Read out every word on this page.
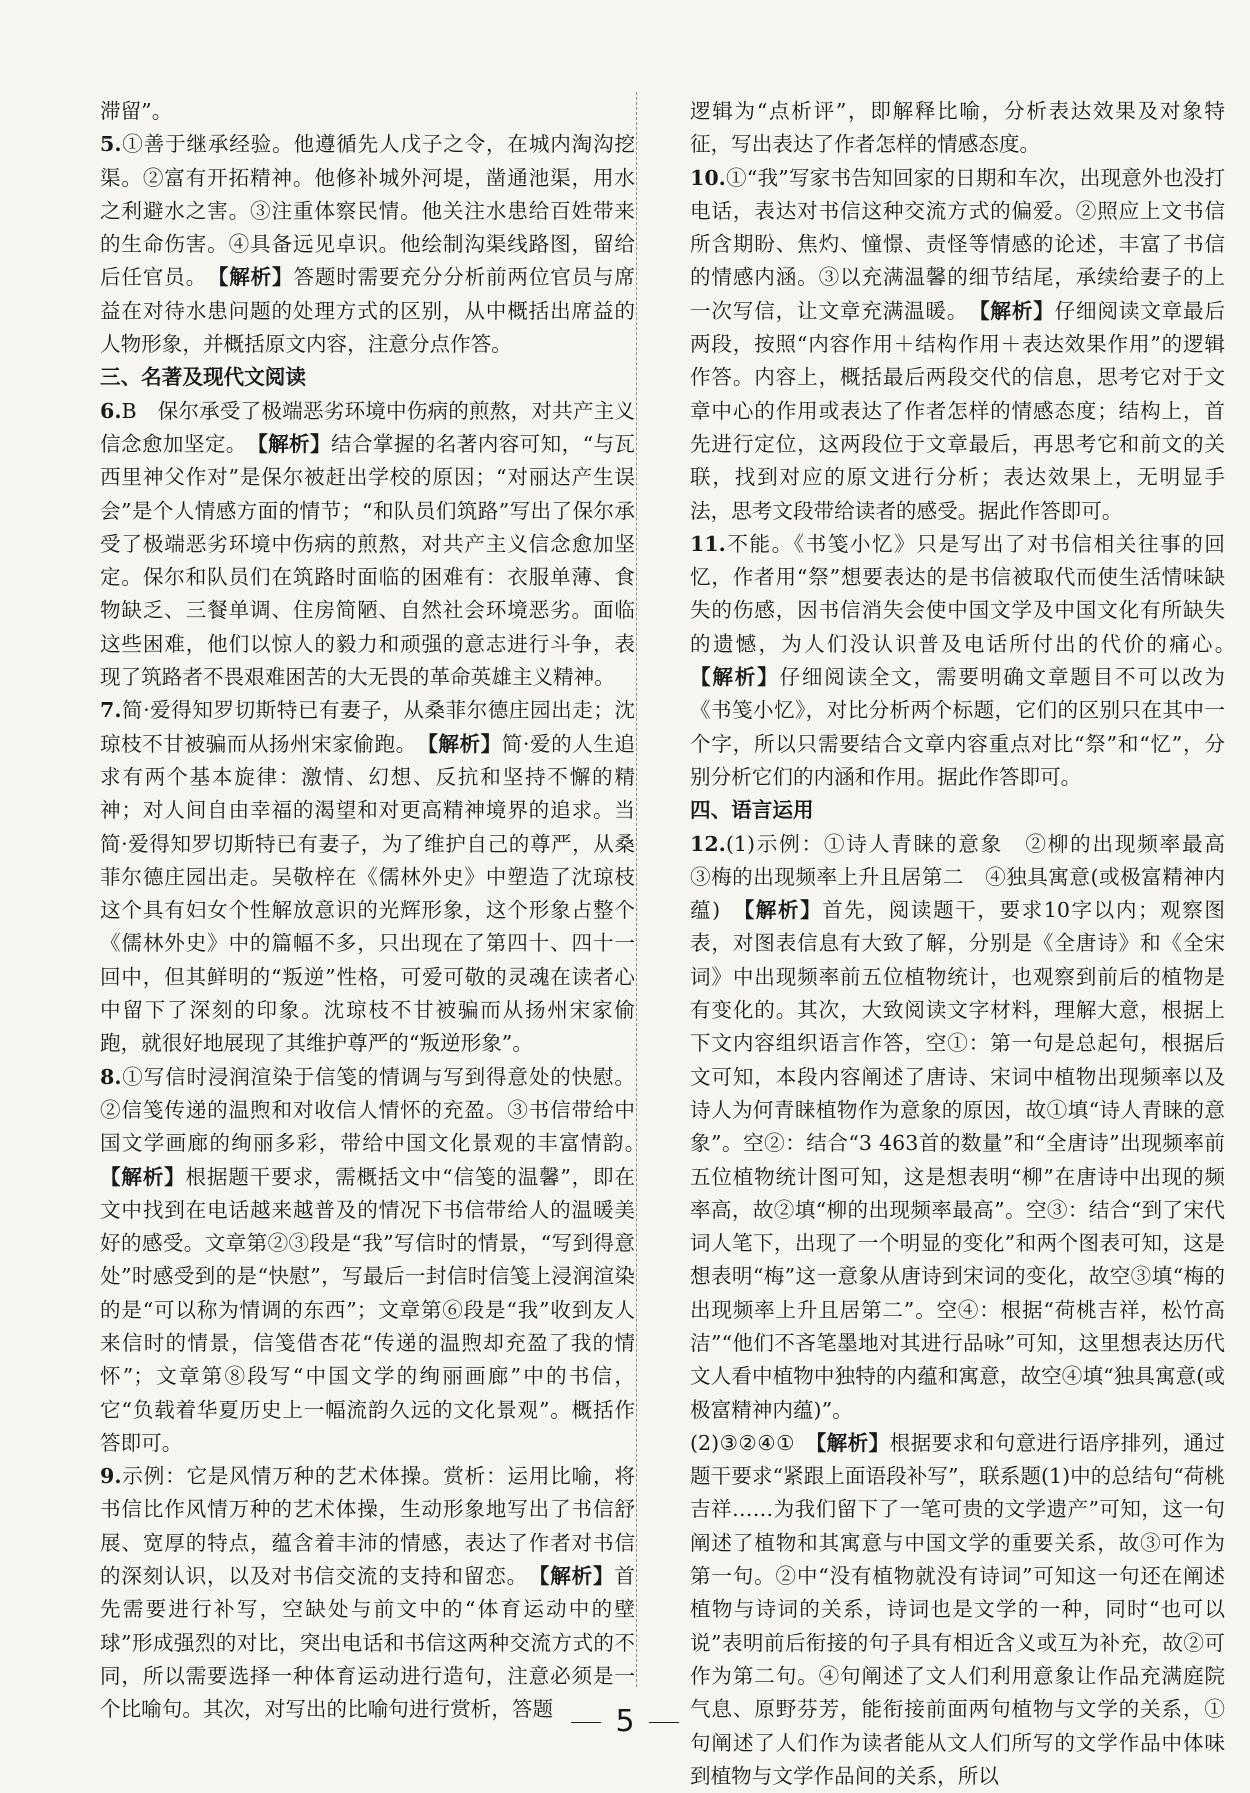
滞留”。

5.①善于继承经验。他遵循先人戊子之令，在城内淘沟挖渠。②富有开拓精神。他修补城外河堤，凿通池渠，用水之利避水之害。③注重体察民情。他关注水患给百姓带来的生命伤害。④具备远见卓识。他绘制沟渠线路图，留给后任官员。　 【 解析 】 答题时需要充分分析前两位官员与席益在对待水患问题的处理方式的区别，从中概括出席益的人物形象，并概括原文内容，注意分点作答。

三、名著及现代文阅读

6.B　保尔承受了极端恶劣环境中伤病的煎熬，对共产主义信念愈加坚定。　 【 解析 】 结合掌握的名著内容可知，“与瓦西里神父作对”是保尔被赶出学校的原因；“对丽达产生误会”是个人情感方面的情节；“和队员们筑路”写出了保尔承受了极端恶劣环境中伤病的煎熬，对共产主义信念愈加坚定。保尔和队员们在筑路时面临的困难有：衣服单薄、食物缺乏、三餐单调、住房简陋、自然社会环境恶劣。面临这些困难，他们以惊人的毅力和顽强的意志进行斗争，表现了筑路者不畏艰难困苦的大无畏的革命英雄主义精神。

7.简·爱得知罗切斯特已有妻子，从桑菲尔德庄园出走；沈琼枝不甘被骗而从扬州宋家偷跑。　 【 解析 】 简·爱的人生追求有两个基本旋律：激情、幻想、反抗和坚持不懈的精神；对人间自由幸福的渴望和对更高精神境界的追求。当简·爱得知罗切斯特已有妻子，为了维护自己的尊严，从桑菲尔德庄园出走。吴敬梓在《儒林外史》中塑造了沈琼枝这个具有妇女个性解放意识的光辉形象，这个形象占整个《儒林外史》中的篇幅不多，只出现在了第四十、四十一回中，但其鲜明的“叛逆”性格，可爱可敬的灵魂在读者心中留下了深刻的印象。沈琼枝不甘被骗而从扬州宋家偷跑，就很好地展现了其维护尊严的“叛逆形象”。

8.①写信时浸润渲染于信笺的情调与写到得意处的快慰。②信笺传递的温煦和对收信人情怀的充盈。③书信带给中国文学画廊的绚丽多彩，带给中国文化景观的丰富情韵。　【 解析 】 根据题干要求，需概括文中“信笺的温馨”，即在文中找到在电话越来越普及的情况下书信带给人的温暖美好的感受。文章第②③段是“我”写信时的情景，“写到得意处”时感受到的是“快慰”，写最后一封信时信笺上浸润渲染的是“可以称为情调的东西”；文章第⑥段是“我”收到友人来信时的情景，信笺借杏花“传递的温煦却充盈了我的情怀”；文章第⑧段写“中国文学的绚丽画廊”中的书信，它“负载着华夏历史上一幅流韵久远的文化景观”。概括作答即可。

9.示例：它是风情万种的艺术体操。赏析：运用比喻，将书信比作风情万种的艺术体操，生动形象地写出了书信舒展、宽厚的特点，蕴含着丰沛的情感，表达了作者对书信的深刻认识，以及对书信交流的支持和留恋。　 【 解析 】 首先需要进行补写，空缺处与前文中的“体育运动中的壁球”形成强烈的对比，突出电话和书信这两种交流方式的不同，所以需要选择一种体育运动进行造句，注意必须是一个比喻句。其次，对写出的比喻句进行赏析，答题

逻辑为“点析评”，即解释比喻，分析表达效果及对象特征，写出表达了作者怎样的情感态度。

10.①“我”写家书告知回家的日期和车次，出现意外也没打电话，表达对书信这种交流方式的偏爱。②照应上文书信所含期盼、焦灼、憧憬、责怪等情感的论述，丰富了书信的情感内涵。③以充满温馨的细节结尾，承续给妻子的上一次写信，让文章充满温暖。　 【 解析 】 仔细阅读文章最后两段，按照“内容作用＋结构作用＋表达效果作用”的逻辑作答。内容上，概括最后两段交代的信息，思考它对于文章中心的作用或表达了作者怎样的情感态度；结构上，首先进行定位，这两段位于文章最后，再思考它和前文的关联，找到对应的原文进行分析；表达效果上，无明显手法，思考文段带给读者的感受。据此作答即可。

11.不能。《书笺小忆》只是写出了对书信相关往事的回忆，作者用“祭”想要表达的是书信被取代而使生活情味缺失的伤感，因书信消失会使中国文学及中国文化有所缺失的遗憾，为人们没认识普及电话所付出的代价的痛心。　【 解析 】 仔细阅读全文，需要明确文章题目不可以改为《书笺小忆》，对比分析两个标题，它们的区别只在其中一个字，所以只需要结合文章内容重点对比“祭”和“忆”，分别分析它们的内涵和作用。据此作答即可。

四、语言运用

12.(1)示例：①诗人青睐的意象　②柳的出现频率最高　③梅的出现频率上升且居第二　④独具寓意(或极富精神内蕴)　 【 解析 】 首先，阅读题干，要求10字以内；观察图表，对图表信息有大致了解，分别是《全唐诗》和《全宋词》中出现频率前五位植物统计，也观察到前后的植物是有变化的。其次，大致阅读文字材料，理解大意，根据上下文内容组织语言作答，空①：第一句是总起句，根据后文可知，本段内容阐述了唐诗、宋词中植物出现频率以及诗人为何青睐植物作为意象的原因，故①填“诗人青睐的意象”。空②：结合“3 463首的数量”和“全唐诗”出现频率前五位植物统计图可知，这是想表明“柳”在唐诗中出现的频率高，故②填“柳的出现频率最高”。空③：结合“到了宋代词人笔下，出现了一个明显的变化”和两个图表可知，这是想表明“梅”这一意象从唐诗到宋词的变化，故空③填“梅的出现频率上升且居第二”。空④：根据“荷桃吉祥，松竹高洁”“他们不吝笔墨地对其进行品咏”可知，这里想表达历代文人看中植物中独特的内蕴和寓意，故空④填“独具寓意(或极富精神内蕴)”。

(2)③②④①　 【 解析 】 根据要求和句意进行语序排列，通过题干要求“紧跟上面语段补写”，联系题(1)中的总结句“荷桃吉祥……为我们留下了一笔可贵的文学遗产”可知，这一句阐述了植物和其寓意与中国文学的重要关系，故③可作为第一句。②中“没有植物就没有诗词”可知这一句还在阐述植物与诗词的关系，诗词也是文学的一种，同时“也可以说”表明前后衔接的句子具有相近含义或互为补充，故②可作为第二句。④句阐述了文人们利用意象让作品充满庭院气息、原野芬芳，能衔接前面两句植物与文学的关系，①句阐述了人们作为读者能从文人们所写的文学作品中体味到植物与文学作品间的关系，所以

5
